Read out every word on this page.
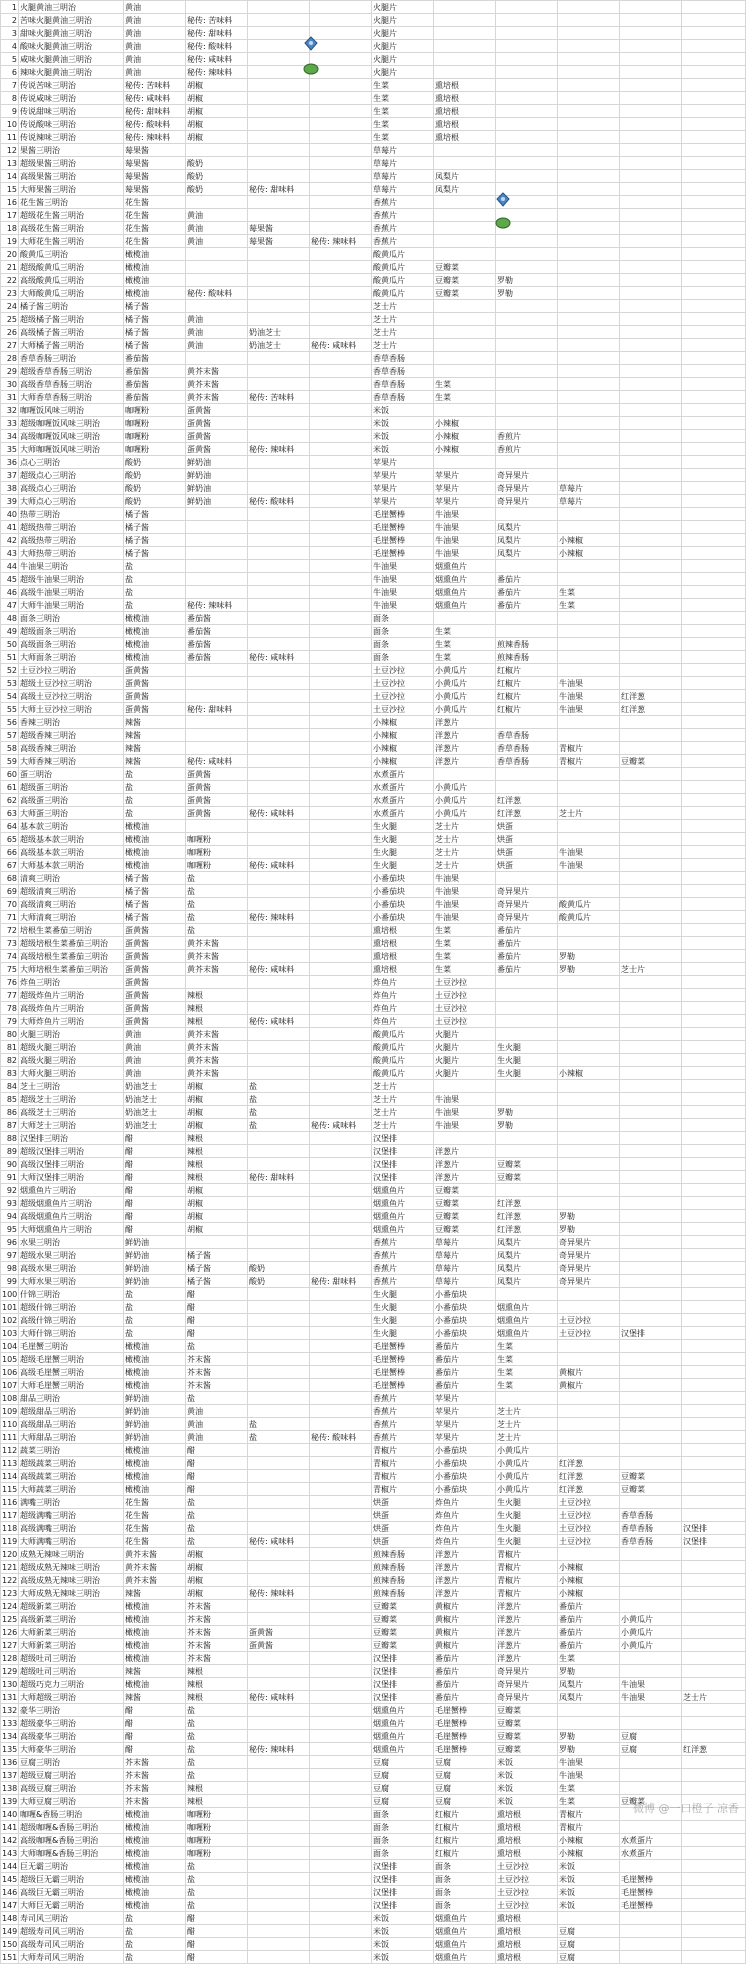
1	火腿黄油三明治	黄油				火腿片					
2	苦味火腿黄油三明治	黄油	秘传: 苦味料			火腿片					
3	甜味火腿黄油三明治	黄油	秘传: 甜味料			火腿片					
4	酸味火腿黄油三明治	黄油	秘传: 酸味料			火腿片					
5	咸味火腿黄油三明治	黄油	秘传: 咸味料			火腿片					
6	辣味火腿黄油三明治	黄油	秘传: 辣味料			火腿片					
7	传说苦味三明治	秘传: 苦味料	胡椒			生菜	熏培根				
8	传说咸味三明治	秘传: 咸味料	胡椒			生菜	熏培根				
9	传说甜味三明治	秘传: 甜味料	胡椒			生菜	熏培根				
10	传说酸味三明治	秘传: 酸味料	胡椒			生菜	熏培根				
11	传说辣味三明治	秘传: 辣味料	胡椒			生菜	熏培根				
12	果酱三明治	莓果酱				草莓片					
13	超级果酱三明治	莓果酱	酸奶			草莓片					
14	高级果酱三明治	莓果酱	酸奶			草莓片	凤梨片				
15	大师果酱三明治	莓果酱	酸奶	秘传: 甜味料		草莓片	凤梨片				
16	花生酱三明治	花生酱				香蕉片					
17	超级花生酱三明治	花生酱	黄油			香蕉片					
18	高级花生酱三明治	花生酱	黄油	莓果酱		香蕉片					
19	大师花生酱三明治	花生酱	黄油	莓果酱	秘传: 辣味料	香蕉片					
20	酸黄瓜三明治	橄榄油				酸黄瓜片					
21	超级酸黄瓜三明治	橄榄油				酸黄瓜片	豆瓣菜				
22	高级酸黄瓜三明治	橄榄油				酸黄瓜片	豆瓣菜	罗勒			
23	大师酸黄瓜三明治	橄榄油	秘传: 酸味料			酸黄瓜片	豆瓣菜	罗勒			
24	橘子酱三明治	橘子酱				芝士片					
25	超级橘子酱三明治	橘子酱	黄油			芝士片					
26	高级橘子酱三明治	橘子酱	黄油	奶油芝士		芝士片					
27	大师橘子酱三明治	橘子酱	黄油	奶油芝士	秘传: 咸味料	芝士片					
28	香草香肠三明治	番茄酱				香草香肠					
29	超级香草香肠三明治	番茄酱	黄芥末酱			香草香肠					
30	高级香草香肠三明治	番茄酱	黄芥末酱			香草香肠	生菜				
31	大师香草香肠三明治	番茄酱	黄芥末酱	秘传: 苦味料		香草香肠	生菜				
32	咖喱饭风味三明治	咖喱粉	蛋黄酱			米饭					
33	超级咖喱饭风味三明治	咖喱粉	蛋黄酱			米饭	小辣椒				
34	高级咖喱饭风味三明治	咖喱粉	蛋黄酱			米饭	小辣椒	香煎片			
35	大师咖喱饭风味三明治	咖喱粉	蛋黄酱	秘传: 辣味料		米饭	小辣椒	香煎片			
36	点心三明治	酸奶	鲜奶油			苹果片					
37	超级点心三明治	酸奶	鲜奶油			苹果片	苹果片	奇异果片			
38	高级点心三明治	酸奶	鲜奶油			苹果片	苹果片	奇异果片	草莓片		
39	大师点心三明治	酸奶	鲜奶油	秘传: 酸味料		苹果片	苹果片	奇异果片	草莓片		
40	热带三明治	橘子酱				毛崖蟹棒	牛油果				
41	超级热带三明治	橘子酱				毛崖蟹棒	牛油果	凤梨片			
42	高级热带三明治	橘子酱				毛崖蟹棒	牛油果	凤梨片	小辣椒		
43	大师热带三明治	橘子酱				毛崖蟹棒	牛油果	凤梨片	小辣椒		
44	牛油果三明治	盐				牛油果	烟熏鱼片				
45	超级牛油果三明治	盐				牛油果	烟熏鱼片	番茄片			
46	高级牛油果三明治	盐				牛油果	烟熏鱼片	番茄片	生菜		
47	大师牛油果三明治	盐	秘传: 辣味料			牛油果	烟熏鱼片	番茄片	生菜		
48	面条三明治	橄榄油	番茄酱			面条					
49	超级面条三明治	橄榄油	番茄酱			面条	生菜				
50	高级面条三明治	橄榄油	番茄酱			面条	生菜	煎辣香肠			
51	大师面条三明治	橄榄油	番茄酱	秘传: 咸味料		面条	生菜	煎辣香肠			
52	土豆沙拉三明治	蛋黄酱				土豆沙拉	小黄瓜片	红椒片			
53	超级土豆沙拉三明治	蛋黄酱				土豆沙拉	小黄瓜片	红椒片	牛油果		
54	高级土豆沙拉三明治	蛋黄酱				土豆沙拉	小黄瓜片	红椒片	牛油果	红洋葱	
55	大师土豆沙拉三明治	蛋黄酱	秘传: 甜味料			土豆沙拉	小黄瓜片	红椒片	牛油果	红洋葱	
56	香辣三明治	辣酱				小辣椒	洋葱片				
57	超级香辣三明治	辣酱				小辣椒	洋葱片	香草香肠			
58	高级香辣三明治	辣酱				小辣椒	洋葱片	香草香肠	青椒片		
59	大师香辣三明治	辣酱	秘传: 咸味料			小辣椒	洋葱片	香草香肠	青椒片	豆瓣菜	
60	蛋三明治	盐	蛋黄酱			水煮蛋片					
61	超级蛋三明治	盐	蛋黄酱			水煮蛋片	小黄瓜片				
62	高级蛋三明治	盐	蛋黄酱			水煮蛋片	小黄瓜片	红洋葱			
63	大师蛋三明治	盐	蛋黄酱	秘传: 咸味料		水煮蛋片	小黄瓜片	红洋葱	芝士片		
64	基本款三明治	橄榄油				生火腿	芝士片	烘蛋			
65	超级基本款三明治	橄榄油	咖喱粉			生火腿	芝士片	烘蛋			
66	高级基本款三明治	橄榄油	咖喱粉			生火腿	芝士片	烘蛋	牛油果		
67	大师基本款三明治	橄榄油	咖喱粉	秘传: 咸味料		生火腿	芝士片	烘蛋	牛油果		
68	清爽三明治	橘子酱	盐			小番茄块	牛油果				
69	超级清爽三明治	橘子酱	盐			小番茄块	牛油果	奇异果片			
70	高级清爽三明治	橘子酱	盐			小番茄块	牛油果	奇异果片	酸黄瓜片		
71	大师清爽三明治	橘子酱	盐	秘传: 辣味料		小番茄块	牛油果	奇异果片	酸黄瓜片		
72	培根生菜番茄三明治	蛋黄酱	盐			熏培根	生菜	番茄片			
73	超级培根生菜番茄三明治	蛋黄酱	黄芥末酱			熏培根	生菜	番茄片			
74	高级培根生菜番茄三明治	蛋黄酱	黄芥末酱			熏培根	生菜	番茄片	罗勒		
75	大师培根生菜番茄三明治	蛋黄酱	黄芥末酱	秘传: 咸味料		熏培根	生菜	番茄片	罗勒	芝士片	
76	炸鱼三明治	蛋黄酱				炸鱼片	土豆沙拉				
77	超级炸鱼片三明治	蛋黄酱	辣根			炸鱼片	土豆沙拉				
78	高级炸鱼片三明治	蛋黄酱	辣根			炸鱼片	土豆沙拉				
79	大师炸鱼片三明治	蛋黄酱	辣根	秘传: 咸味料		炸鱼片	土豆沙拉				
80	火腿三明治	黄油	黄芥末酱			酸黄瓜片	火腿片				
81	超级火腿三明治	黄油	黄芥末酱			酸黄瓜片	火腿片	生火腿			
82	高级火腿三明治	黄油	黄芥末酱			酸黄瓜片	火腿片	生火腿			
83	大师火腿三明治	黄油	黄芥末酱			酸黄瓜片	火腿片	生火腿	小辣椒		
84	芝士三明治	奶油芝士	胡椒	盐		芝士片					
85	超级芝士三明治	奶油芝士	胡椒	盐		芝士片	牛油果				
86	高级芝士三明治	奶油芝士	胡椒	盐		芝士片	牛油果	罗勒			
87	大师芝士三明治	奶油芝士	胡椒	盐	秘传: 咸味料	芝士片	牛油果	罗勒			
88	汉堡排三明治	醋	辣根			汉堡排					
89	超级汉堡排三明治	醋	辣根			汉堡排	洋葱片				
90	高级汉堡排三明治	醋	辣根			汉堡排	洋葱片	豆瓣菜			
91	大师汉堡排三明治	醋	辣根	秘传: 甜味料		汉堡排	洋葱片	豆瓣菜			
92	烟熏鱼片三明治	醋	胡椒			烟熏鱼片	豆瓣菜				
93	超级烟熏鱼片三明治	醋	胡椒			烟熏鱼片	豆瓣菜	红洋葱			
94	高级烟熏鱼片三明治	醋	胡椒			烟熏鱼片	豆瓣菜	红洋葱	罗勒		
95	大师烟熏鱼片三明治	醋	胡椒			烟熏鱼片	豆瓣菜	红洋葱	罗勒		
96	水果三明治	鲜奶油				香蕉片	草莓片	凤梨片	奇异果片		
97	超级水果三明治	鲜奶油	橘子酱			香蕉片	草莓片	凤梨片	奇异果片		
98	高级水果三明治	鲜奶油	橘子酱	酸奶		香蕉片	草莓片	凤梨片	奇异果片		
99	大师水果三明治	鲜奶油	橘子酱	酸奶	秘传: 甜味料	香蕉片	草莓片	凤梨片	奇异果片		
100	什锦三明治	盐	醋			生火腿	小番茄块				
101	超级什锦三明治	盐	醋			生火腿	小番茄块	烟熏鱼片			
102	高级什锦三明治	盐	醋			生火腿	小番茄块	烟熏鱼片	土豆沙拉		
103	大师什锦三明治	盐	醋			生火腿	小番茄块	烟熏鱼片	土豆沙拉	汉堡排	
104	毛崖蟹三明治	橄榄油	盐			毛崖蟹棒	番茄片	生菜			
105	超级毛崖蟹三明治	橄榄油	芥末酱			毛崖蟹棒	番茄片	生菜			
106	高级毛崖蟹三明治	橄榄油	芥末酱			毛崖蟹棒	番茄片	生菜	黄椒片		
107	大师毛崖蟹三明治	橄榄油	芥末酱			毛崖蟹棒	番茄片	生菜	黄椒片		
108	甜品三明治	鲜奶油	盐			香蕉片	苹果片				
109	超级甜品三明治	鲜奶油	黄油			香蕉片	苹果片	芝士片			
110	高级甜品三明治	鲜奶油	黄油	盐		香蕉片	苹果片	芝士片			
111	大师甜品三明治	鲜奶油	黄油	盐	秘传: 酸味料	香蕉片	苹果片	芝士片			
112	蔬菜三明治	橄榄油	醋			青椒片	小番茄块	小黄瓜片			
113	超级蔬菜三明治	橄榄油	醋			青椒片	小番茄块	小黄瓜片	红洋葱		
114	高级蔬菜三明治	橄榄油	醋			青椒片	小番茄块	小黄瓜片	红洋葱	豆瓣菜	
115	大师蔬菜三明治	橄榄油	醋			青椒片	小番茄块	小黄瓜片	红洋葱	豆瓣菜	
116	满嘴三明治	花生酱	盐			烘蛋	炸鱼片	生火腿	土豆沙拉		
117	超级满嘴三明治	花生酱	盐			烘蛋	炸鱼片	生火腿	土豆沙拉	香草香肠	
118	高级满嘴三明治	花生酱	盐			烘蛋	炸鱼片	生火腿	土豆沙拉	香草香肠	汉堡排
119	大师满嘴三明治	花生酱	盐	秘传: 咸味料		烘蛋	炸鱼片	生火腿	土豆沙拉	香草香肠	汉堡排
120	成熟无辣味三明治	黄芥末酱	胡椒			煎辣香肠	洋葱片	青椒片			
121	超级成熟无辣味三明治	黄芥末酱	胡椒			煎辣香肠	洋葱片	青椒片	小辣椒		
122	高级成熟无辣味三明治	黄芥末酱	胡椒			煎辣香肠	洋葱片	青椒片	小辣椒		
123	大师成熟无辣味三明治	辣酱	胡椒	秘传: 辣味料		煎辣香肠	洋葱片	青椒片	小辣椒		
124	超级新菜三明治	橄榄油	芥末酱			豆瓣菜	黄椒片	洋葱片	番茄片		
125	高级新菜三明治	橄榄油	芥末酱			豆瓣菜	黄椒片	洋葱片	番茄片	小黄瓜片	
126	大师新菜三明治	橄榄油	芥末酱	蛋黄酱		豆瓣菜	黄椒片	洋葱片	番茄片	小黄瓜片	
127	大师新菜三明治	橄榄油	芥末酱	蛋黄酱		豆瓣菜	黄椒片	洋葱片	番茄片	小黄瓜片	
128	超级吐司三明治	橄榄油	芥末酱			汉堡排	番茄片	洋葱片	生菜		
129	超级吐司三明治	辣酱	辣根			汉堡排	番茄片	奇异果片	罗勒		
130	超级巧克力三明治	橄榄油	辣根			汉堡排	番茄片	奇异果片	凤梨片	牛油果	
131	大师超级三明治	辣酱	辣根	秘传: 咸味料		汉堡排	番茄片	奇异果片	凤梨片	牛油果	芝士片
132	豪华三明治	醋	盐			烟熏鱼片	毛崖蟹棒	豆瓣菜			
133	超级豪华三明治	醋	盐			烟熏鱼片	毛崖蟹棒	豆瓣菜			
134	高级豪华三明治	醋	盐			烟熏鱼片	毛崖蟹棒	豆瓣菜	罗勒	豆腐	
135	大师豪华三明治	醋	盐	秘传: 辣味料		烟熏鱼片	毛崖蟹棒	豆瓣菜	罗勒	豆腐	红洋葱
136	豆腐三明治	芥末酱	盐			豆腐	豆腐	米饭	牛油果		
137	超级豆腐三明治	芥末酱	盐			豆腐	豆腐	米饭	牛油果		
138	高级豆腐三明治	芥末酱	辣根			豆腐	豆腐	米饭	生菜		
139	大师豆腐三明治	芥末酱	辣根			豆腐	豆腐	米饭	生菜	豆瓣菜	
140	咖喱&香肠三明治	橄榄油	咖喱粉			面条	红椒片	熏培根	青椒片		
141	超级咖喱&香肠三明治	橄榄油	咖喱粉			面条	红椒片	熏培根	青椒片		
142	高级咖喱&香肠三明治	橄榄油	咖喱粉			面条	红椒片	熏培根	小辣椒	水煮蛋片	
143	大师咖喱&香肠三明治	橄榄油	咖喱粉			面条	红椒片	熏培根	小辣椒	水煮蛋片	
144	巨无霸三明治	橄榄油	盐			汉堡排	面条	土豆沙拉	米饭		
145	超级巨无霸三明治	橄榄油	盐			汉堡排	面条	土豆沙拉	米饭	毛崖蟹棒	
146	高级巨无霸三明治	橄榄油	盐			汉堡排	面条	土豆沙拉	米饭	毛崖蟹棒	
147	大师巨无霸三明治	橄榄油	盐			汉堡排	面条	土豆沙拉	米饭	毛崖蟹棒	
148	寿司风三明治	盐	醋			米饭	烟熏鱼片	熏培根			
149	超级寿司风三明治	盐	醋			米饭	烟熏鱼片	熏培根	豆腐		
150	高级寿司风三明治	盐	醋			米饭	烟熏鱼片	熏培根	豆腐		
151	大师寿司风三明治	盐	醋			米饭	烟熏鱼片	熏培根	豆腐		
微博 @一口橙子 凉香
